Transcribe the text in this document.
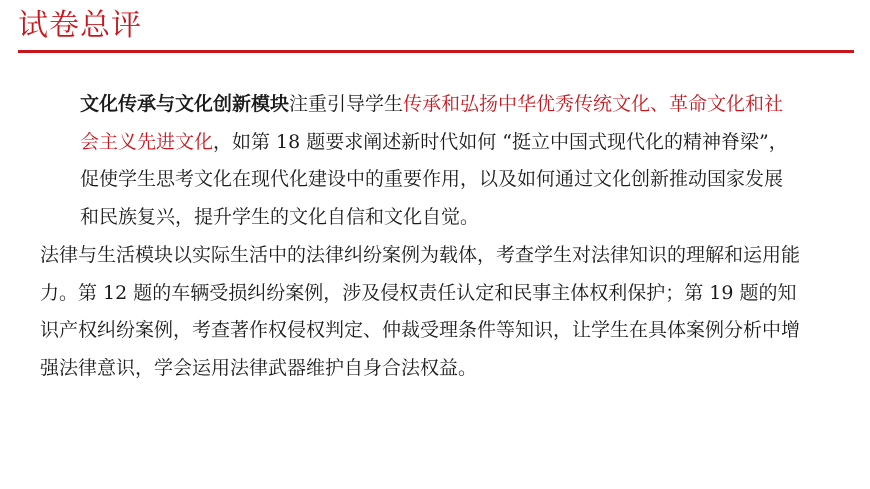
试卷总评

文化传承与文化创新模块注重引导学生传承和弘扬中华优秀传统文化、革命文化和社会主义先进文化，如第 18 题要求阐述新时代如何 “挺立中国式现代化的精神脊梁”，促使学生思考文化在现代化建设中的重要作用，以及如何通过文化创新推动国家发展和民族复兴，提升学生的文化自信和文化自觉。

法律与生活模块以实际生活中的法律纠纷案例为载体，考查学生对法律知识的理解和运用能力。第 12 题的车辆受损纠纷案例，涉及侵权责任认定和民事主体权利保护；第 19 题的知识产权纠纷案例，考查著作权侵权判定、仲裁受理条件等知识，让学生在具体案例分析中增强法律意识，学会运用法律武器维护自身合法权益。
